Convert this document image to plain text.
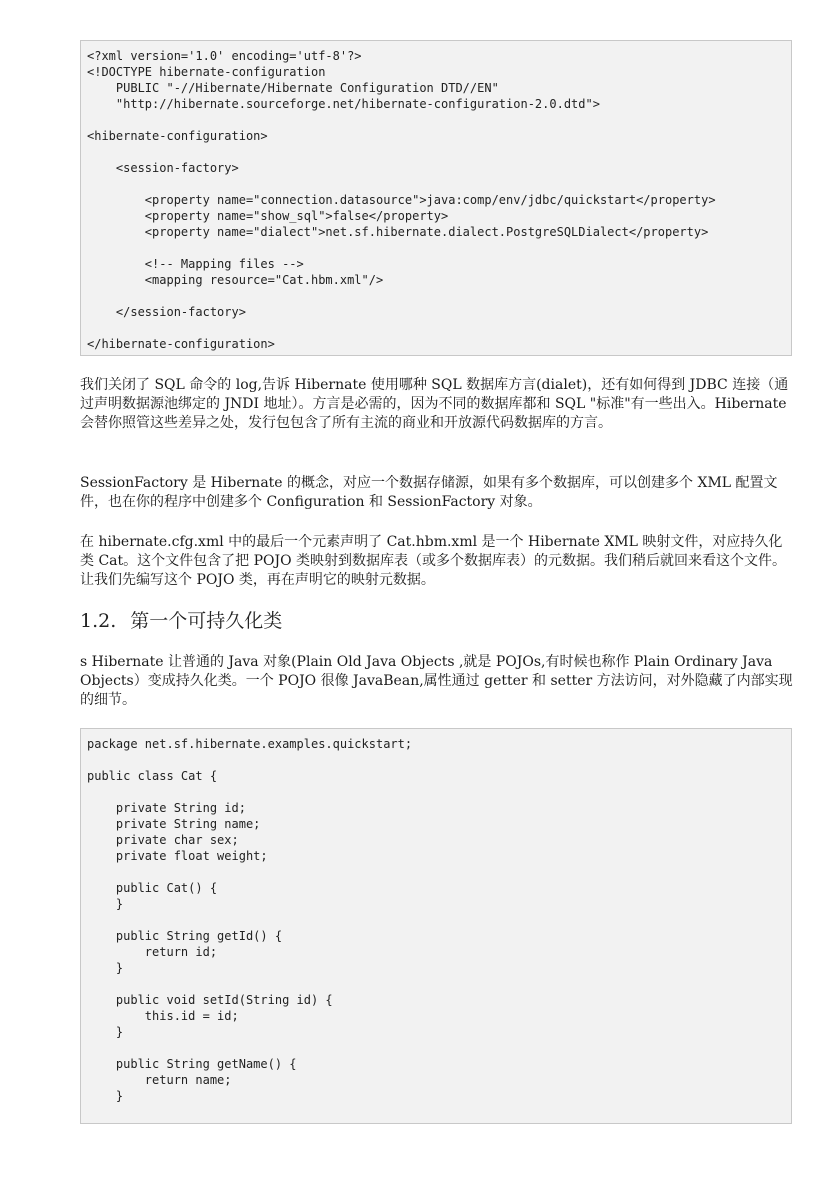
<?xml version='1.0' encoding='utf-8'?>
<!DOCTYPE hibernate-configuration
PUBLIC "-//Hibernate/Hibernate Configuration DTD//EN"
"http://hibernate.sourceforge.net/hibernate-configuration-2.0.dtd">

<hibernate-configuration>

<session-factory>

<property name="connection.datasource">java:comp/env/jdbc/quickstart</property>
<property name="show_sql">false</property>
<property name="dialect">net.sf.hibernate.dialect.PostgreSQLDialect</property>

<!-- Mapping files -->
<mapping resource="Cat.hbm.xml"/>

</session-factory>

</hibernate-configuration>

我们关闭了 SQL 命令的 log,告诉 Hibernate 使用哪种 SQL 数据库方言(dialet)，还有如何得到 JDBC 连接（通过声明数据源池绑定的 JNDI 地址）。方言是必需的，因为不同的数据库都和 SQL "标准"有一些出入。Hibernate 会替你照管这些差异之处，发行包包含了所有主流的商业和开放源代码数据库的方言。

SessionFactory 是 Hibernate 的概念，对应一个数据存储源，如果有多个数据库，可以创建多个 XML 配置文件，也在你的程序中创建多个 Configuration 和 SessionFactory 对象。

在 hibernate.cfg.xml 中的最后一个元素声明了 Cat.hbm.xml 是一个 Hibernate XML 映射文件，对应持久化类 Cat。这个文件包含了把 POJO 类映射到数据库表（或多个数据库表）的元数据。我们稍后就回来看这个文件。让我们先编写这个 POJO 类，再在声明它的映射元数据。

1.2. 第一个可持久化类

s Hibernate 让普通的 Java 对象(Plain Old Java Objects ,就是 POJOs,有时候也称作 Plain Ordinary Java Objects）变成持久化类。一个 POJO 很像 JavaBean,属性通过 getter 和 setter 方法访问，对外隐藏了内部实现的细节。

package net.sf.hibernate.examples.quickstart;

public class Cat {

private String id;
private String name;
private char sex;
private float weight;

public Cat() {
}

public String getId() {
return id;
}

public void setId(String id) {
this.id = id;
}

public String getName() {
return name;
}
